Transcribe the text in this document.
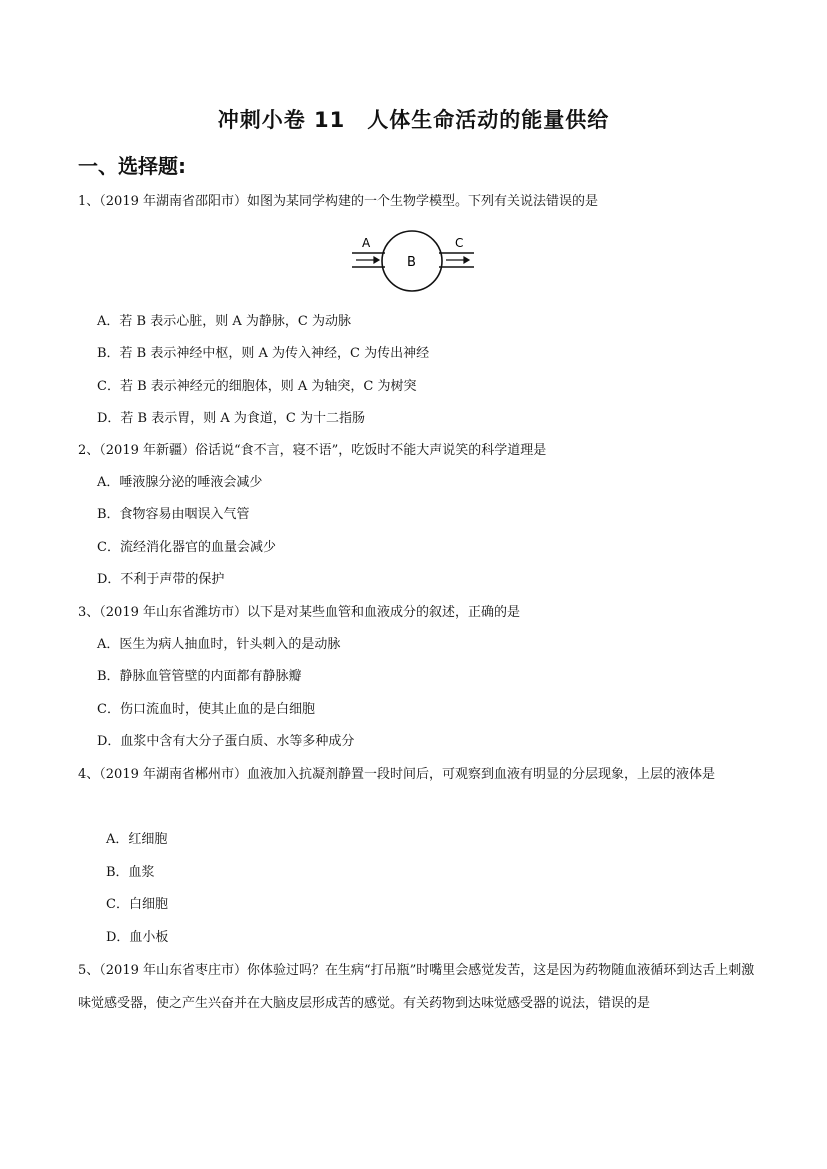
冲刺小卷 11　人体生命活动的能量供给
一、选择题:
1、（2019 年湖南省邵阳市）如图为某同学构建的一个生物学模型。下列有关说法错误的是
A
B
C
A．若 B 表示心脏，则 A 为静脉，C 为动脉
B．若 B 表示神经中枢，则 A 为传入神经，C 为传出神经
C．若 B 表示神经元的细胞体，则 A 为轴突，C 为树突
D．若 B 表示胃，则 A 为食道，C 为十二指肠
2、（2019 年新疆）俗话说“食不言，寝不语”，吃饭时不能大声说笑的科学道理是
A．唾液腺分泌的唾液会减少
B．食物容易由咽误入气管
C．流经消化器官的血量会减少
D．不利于声带的保护
3、（2019 年山东省潍坊市）以下是对某些血管和血液成分的叙述，正确的是
A．医生为病人抽血时，针头刺入的是动脉
B．静脉血管管壁的内面都有静脉瓣
C．伤口流血时，使其止血的是白细胞
D．血浆中含有大分子蛋白质、水等多种成分
4、（2019 年湖南省郴州市）血液加入抗凝剂静置一段时间后，可观察到血液有明显的分层现象，上层的液体是
A．红细胞
B．血浆
C．白细胞
D．血小板
5、（2019 年山东省枣庄市）你体验过吗？在生病“打吊瓶”时嘴里会感觉发苦，这是因为药物随血液循环到达舌上刺激味觉感受器，使之产生兴奋并在大脑皮层形成苦的感觉。有关药物到达味觉感受器的说法，错误的是
